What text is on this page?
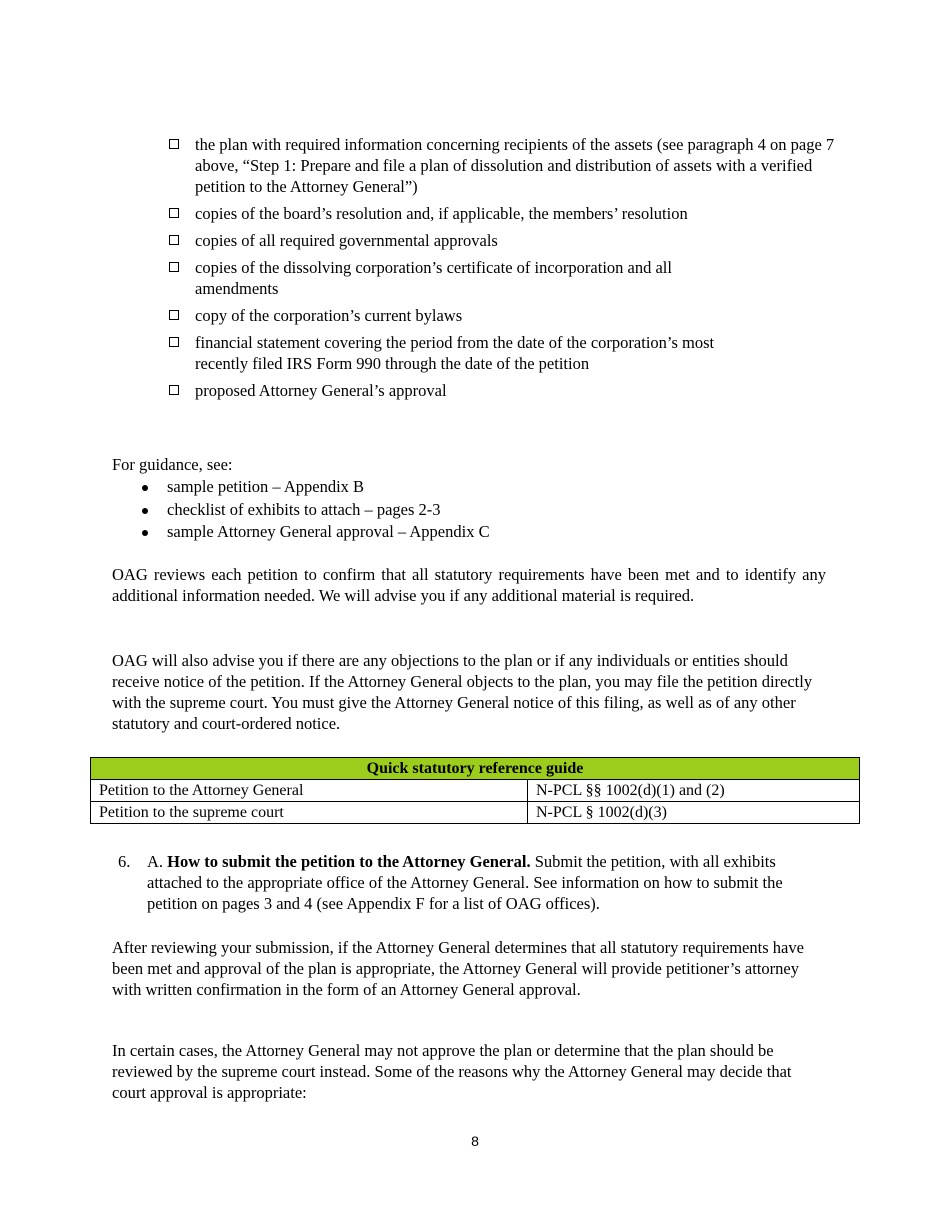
the plan with required information concerning recipients of the assets (see paragraph 4 on page 7 above, “Step 1: Prepare and file a plan of dissolution and distribution of assets with a verified petition to the Attorney General”)
copies of the board’s resolution and, if applicable, the members’ resolution
copies of all required governmental approvals
copies of the dissolving corporation’s certificate of incorporation and all amendments
copy of the corporation’s current bylaws
financial statement covering the period from the date of the corporation’s most recently filed IRS Form 990 through the date of the petition
proposed Attorney General’s approval

For guidance, see:

sample petition – Appendix B
checklist of exhibits to attach – pages 2-3
sample Attorney General approval – Appendix C

OAG reviews each petition to confirm that all statutory requirements have been met and to identify any additional information needed. We will advise you if any additional material is required.

OAG will also advise you if there are any objections to the plan or if any individuals or entities should receive notice of the petition. If the Attorney General objects to the plan, you may file the petition directly with the supreme court. You must give the Attorney General notice of this filing, as well as of any other statutory and court-ordered notice.

Quick statutory reference guide	
Petition to the Attorney General	N-PCL §§ 1002(d)(1) and (2)
Petition to the supreme court	N-PCL § 1002(d)(3)
6.	A. How to submit the petition to the Attorney General. Submit the petition, with all exhibits attached to the appropriate office of the Attorney General. See information on how to submit the petition on pages 3 and 4 (see Appendix F for a list of OAG offices).

After reviewing your submission, if the Attorney General determines that all statutory requirements have been met and approval of the plan is appropriate, the Attorney General will provide petitioner’s attorney with written confirmation in the form of an Attorney General approval.

In certain cases, the Attorney General may not approve the plan or determine that the plan should be reviewed by the supreme court instead. Some of the reasons why the Attorney General may decide that court approval is appropriate:

8
